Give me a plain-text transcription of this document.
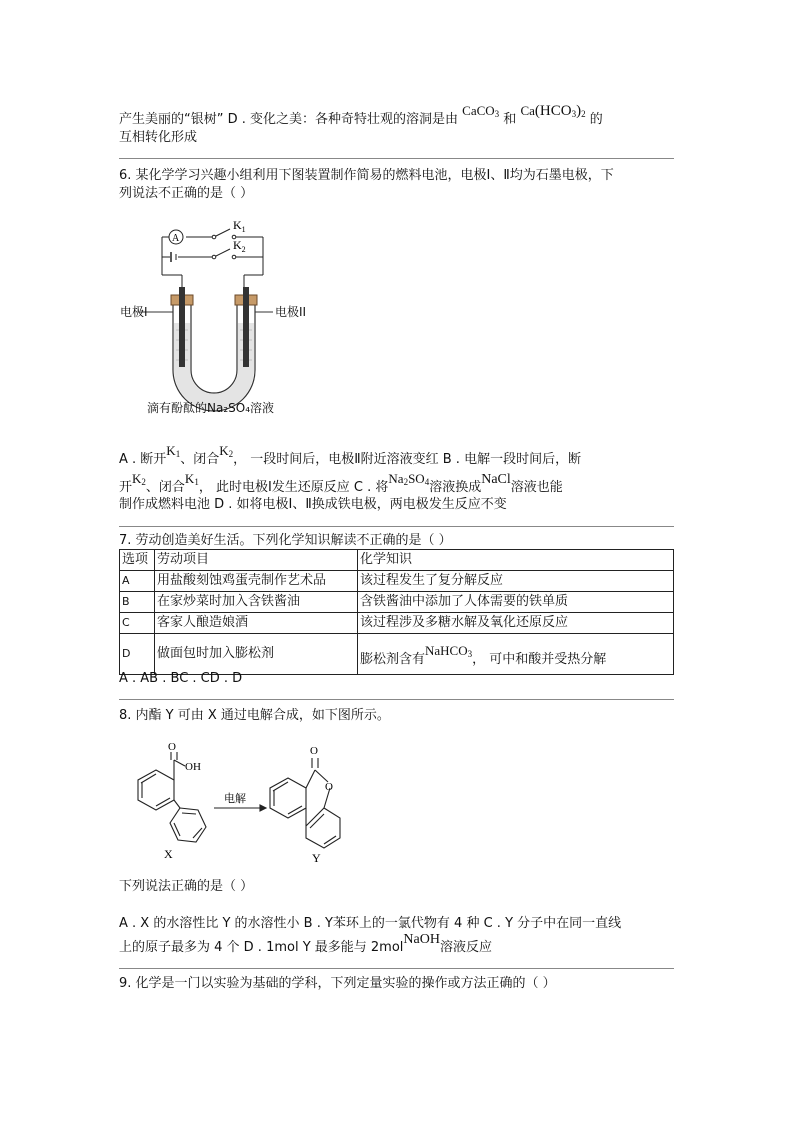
产生美丽的“银树” D . 变化之美：各种奇特壮观的溶洞是由 CaCO$_3$ 和 $Ca(HCO_3)_2$ 的
互相转化形成
6. 某化学学习兴趣小组利用下图装置制作简易的燃料电池，电极Ⅰ、Ⅱ均为石墨电极，下
列说法不正确的是（ ）
A
$K_1$
$K_2$
电极I	电极II
滴有酚酞的Na₂SO₄溶液
A . 断开$K_1$、闭合$K_2$， 一段时间后，电极Ⅱ附近溶液变红 B . 电解一段时间后，断
开$K_2$、闭合$K_1$， 此时电极Ⅰ发生还原反应 C . 将$Na_2SO_4$溶液换成NaCl溶液也能
制作成燃料电池 D . 如将电极Ⅰ、Ⅱ换成铁电极，两电极发生反应不变
7. 劳动创造美好生活。下列化学知识解读不正确的是（ ）
选项	劳动项目	化学知识
A	用盐酸刻蚀鸡蛋壳制作艺术品	该过程发生了复分解反应
B	在家炒菜时加入含铁酱油	含铁酱油中添加了人体需要的铁单质
C	客家人酿造娘酒	该过程涉及多糖水解及氧化还原反应
D	做面包时加入膨松剂	膨松剂含有NaHCO$_3$， 可中和酸并受热分解
A . AB . BC . CD . D
8. 内酯 Y 可由 X 通过电解合成，如下图所示。
O
OH
电解
X
O
O
Y
下列说法正确的是（ ）
A . X 的水溶性比 Y 的水溶性小 B . Y苯环上的一氯代物有 4 种 C . Y 分子中在同一直线
上的原子最多为 4 个 D . 1mol Y 最多能与 2molNaOH溶液反应
9. 化学是一门以实验为基础的学科，下列定量实验的操作或方法正确的（ ）
